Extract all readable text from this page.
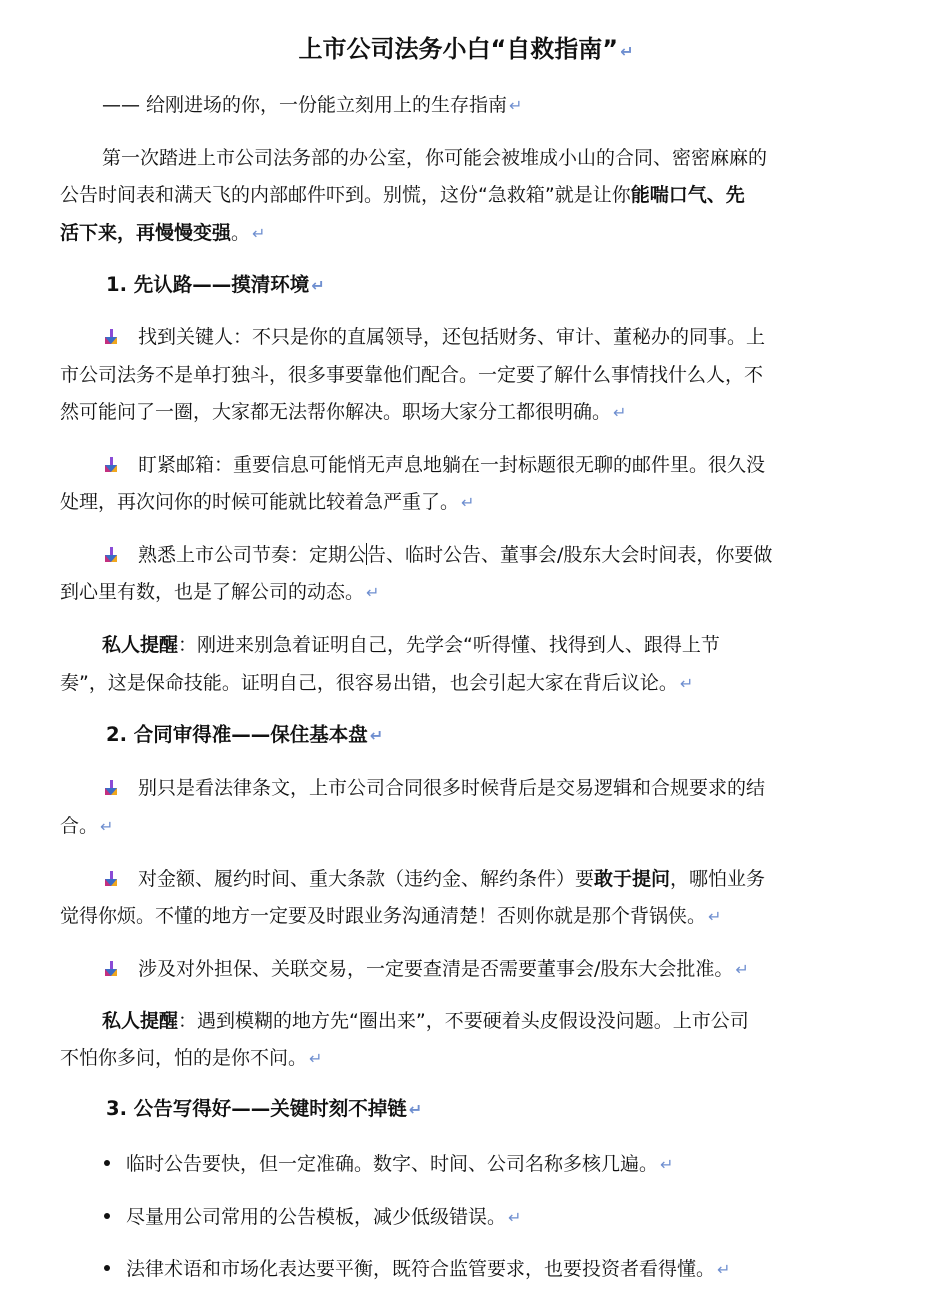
上市公司法务小白“自救指南” ↵
—— 给刚进场的你，一份能立刻用上的生存指南 ↵
第一次踏进上市公司法务部的办公室，你可能会被堆成小山的合同、密密麻麻的
公告时间表和满天飞的内部邮件吓到。别慌，这份“急救箱”就是让你能喘口气、先
活下来，再慢慢变强。 ↵
1. 先认路——摸清环境 ↵
找到关键人：不只是你的直属领导，还包括财务、审计、董秘办的同事。上
市公司法务不是单打独斗，很多事要靠他们配合。一定要了解什么事情找什么人，不
然可能问了一圈，大家都无法帮你解决。职场大家分工都很明确。 ↵
盯紧邮箱：重要信息可能悄无声息地躺在一封标题很无聊的邮件里。很久没
处理，再次问你的时候可能就比较着急严重了。 ↵
熟悉上市公司节奏：定期公告、临时公告、董事会/股东大会时间表，你要做
到心里有数，也是了解公司的动态。 ↵
私人提醒：刚进来别急着证明自己，先学会“听得懂、找得到人、跟得上节
奏”，这是保命技能。证明自己，很容易出错，也会引起大家在背后议论。 ↵
2. 合同审得准——保住基本盘 ↵
别只是看法律条文，上市公司合同很多时候背后是交易逻辑和合规要求的结
合。 ↵
对金额、履约时间、重大条款（违约金、解约条件）要敢于提问，哪怕业务
觉得你烦。不懂的地方一定要及时跟业务沟通清楚！否则你就是那个背锅侠。 ↵
涉及对外担保、关联交易，一定要查清是否需要董事会/股东大会批准。 ↵
私人提醒：遇到模糊的地方先“圈出来”，不要硬着头皮假设没问题。上市公司
不怕你多问，怕的是你不问。 ↵
3. 公告写得好——关键时刻不掉链 ↵
临时公告要快，但一定准确。数字、时间、公司名称多核几遍。 ↵
尽量用公司常用的公告模板，减少低级错误。 ↵
法律术语和市场化表达要平衡，既符合监管要求，也要投资者看得懂。 ↵
